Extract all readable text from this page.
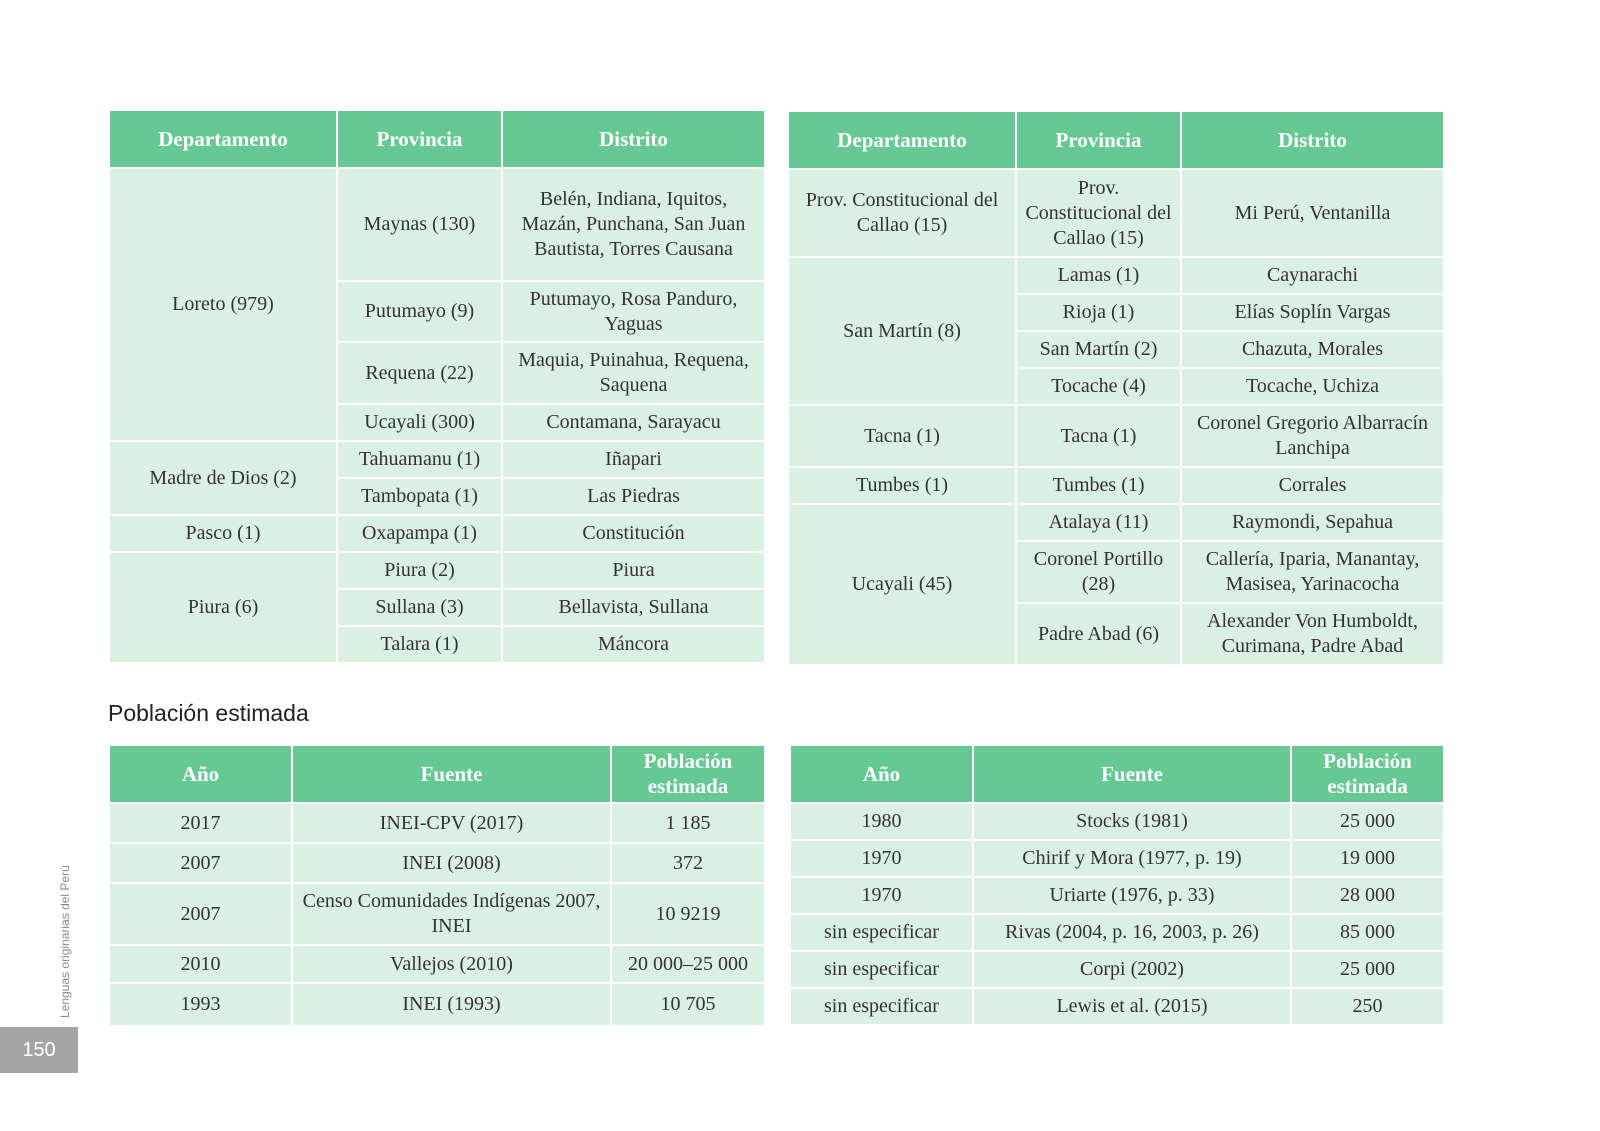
Departamento	Provincia	Distrito
Loreto (979)	Maynas (130)	Belén, Indiana, Iquitos, Mazán, Punchana, San Juan Bautista, Torres Causana
	Putumayo (9)	Putumayo, Rosa Panduro, Yaguas
	Requena (22)	Maquia, Puinahua, Requena, Saquena
	Ucayali (300)	Contamana, Sarayacu
Madre de Dios (2)	Tahuamanu (1)	Iñapari
	Tambopata (1)	Las Piedras
Pasco (1)	Oxapampa (1)	Constitución
Piura (6)	Piura (2)	Piura
	Sullana (3)	Bellavista, Sullana
	Talara (1)	Máncora
Departamento	Provincia	Distrito
Prov. Constitucional del Callao (15)	Prov. Constitucional del Callao (15)	Mi Perú, Ventanilla
San Martín (8)	Lamas (1)	Caynarachi
	Rioja (1)	Elías Soplín Vargas
	San Martín (2)	Chazuta, Morales
	Tocache (4)	Tocache, Uchiza
Tacna (1)	Tacna (1)	Coronel Gregorio Albarracín Lanchipa
Tumbes (1)	Tumbes (1)	Corrales
Ucayali (45)	Atalaya (11)	Raymondi, Sepahua
	Coronel Portillo (28)	Callería, Iparia, Manantay, Masisea, Yarinacocha
	Padre Abad (6)	Alexander Von Humboldt, Curimana, Padre Abad
Población estimada
Año	Fuente	Población estimada
2017	INEI-CPV (2017)	1 185
2007	INEI (2008)	372
2007	Censo Comunidades Indígenas 2007, INEI	10 9219
2010	Vallejos (2010)	20 000–25 000
1993	INEI (1993)	10 705
Año	Fuente	Población estimada
1980	Stocks (1981)	25 000
1970	Chirif y Mora (1977, p. 19)	19 000
1970	Uriarte (1976, p. 33)	28 000
sin especificar	Rivas (2004, p. 16, 2003, p. 26)	85 000
sin especificar	Corpi (2002)	25 000
sin especificar	Lewis et al. (2015)	250
Lenguas originarias del Perú
150
